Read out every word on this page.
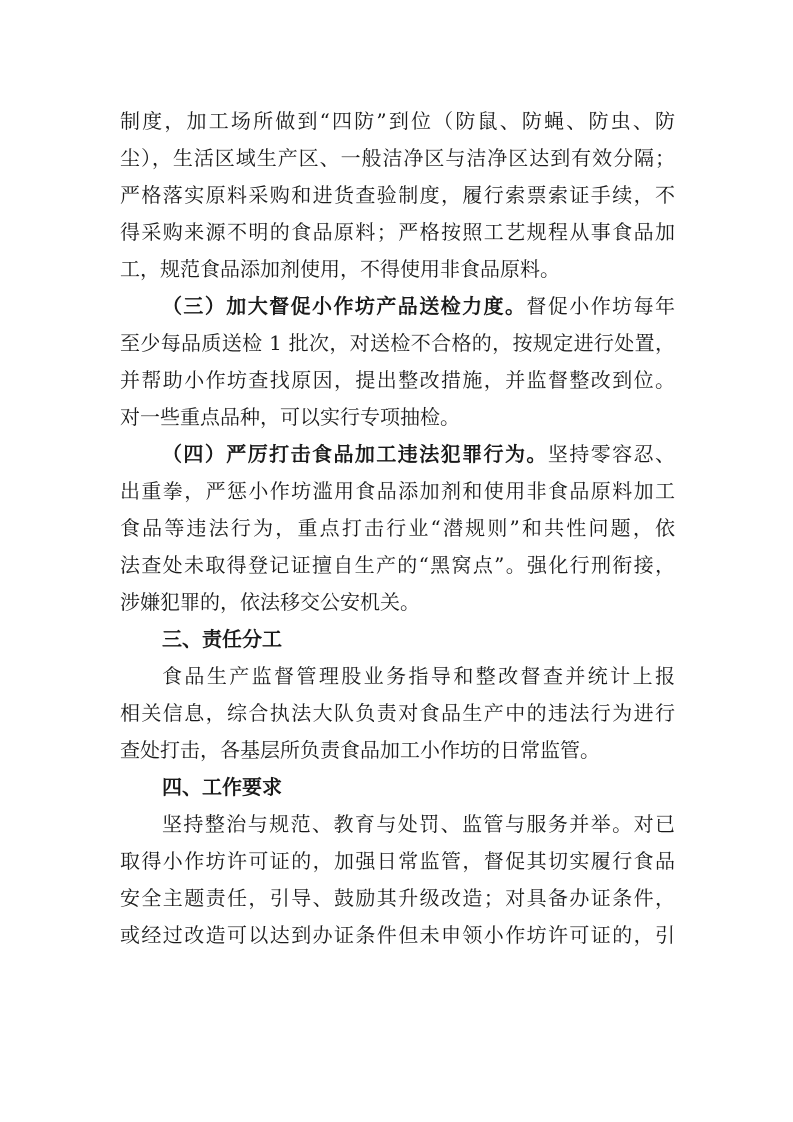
制度，加工场所做到“四防”到位（防鼠、防蝇、防虫、防
尘），生活区域生产区、一般洁净区与洁净区达到有效分隔；
严格落实原料采购和进货查验制度，履行索票索证手续，不
得采购来源不明的食品原料；严格按照工艺规程从事食品加
工，规范食品添加剂使用，不得使用非食品原料。
（三）加大督促小作坊产品送检力度。督促小作坊每年
至少每品质送检 1 批次，对送检不合格的，按规定进行处置，
并帮助小作坊查找原因，提出整改措施，并监督整改到位。
对一些重点品种，可以实行专项抽检。
（四）严厉打击食品加工违法犯罪行为。坚持零容忍、
出重拳，严惩小作坊滥用食品添加剂和使用非食品原料加工
食品等违法行为，重点打击行业“潜规则”和共性问题，依
法查处未取得登记证擅自生产的“黑窝点”。强化行刑衔接，
涉嫌犯罪的，依法移交公安机关。
三、责任分工
食品生产监督管理股业务指导和整改督查并统计上报
相关信息，综合执法大队负责对食品生产中的违法行为进行
查处打击，各基层所负责食品加工小作坊的日常监管。
四、工作要求
坚持整治与规范、教育与处罚、监管与服务并举。对已
取得小作坊许可证的，加强日常监管，督促其切实履行食品
安全主题责任，引导、鼓励其升级改造；对具备办证条件，
或经过改造可以达到办证条件但未申领小作坊许可证的，引
